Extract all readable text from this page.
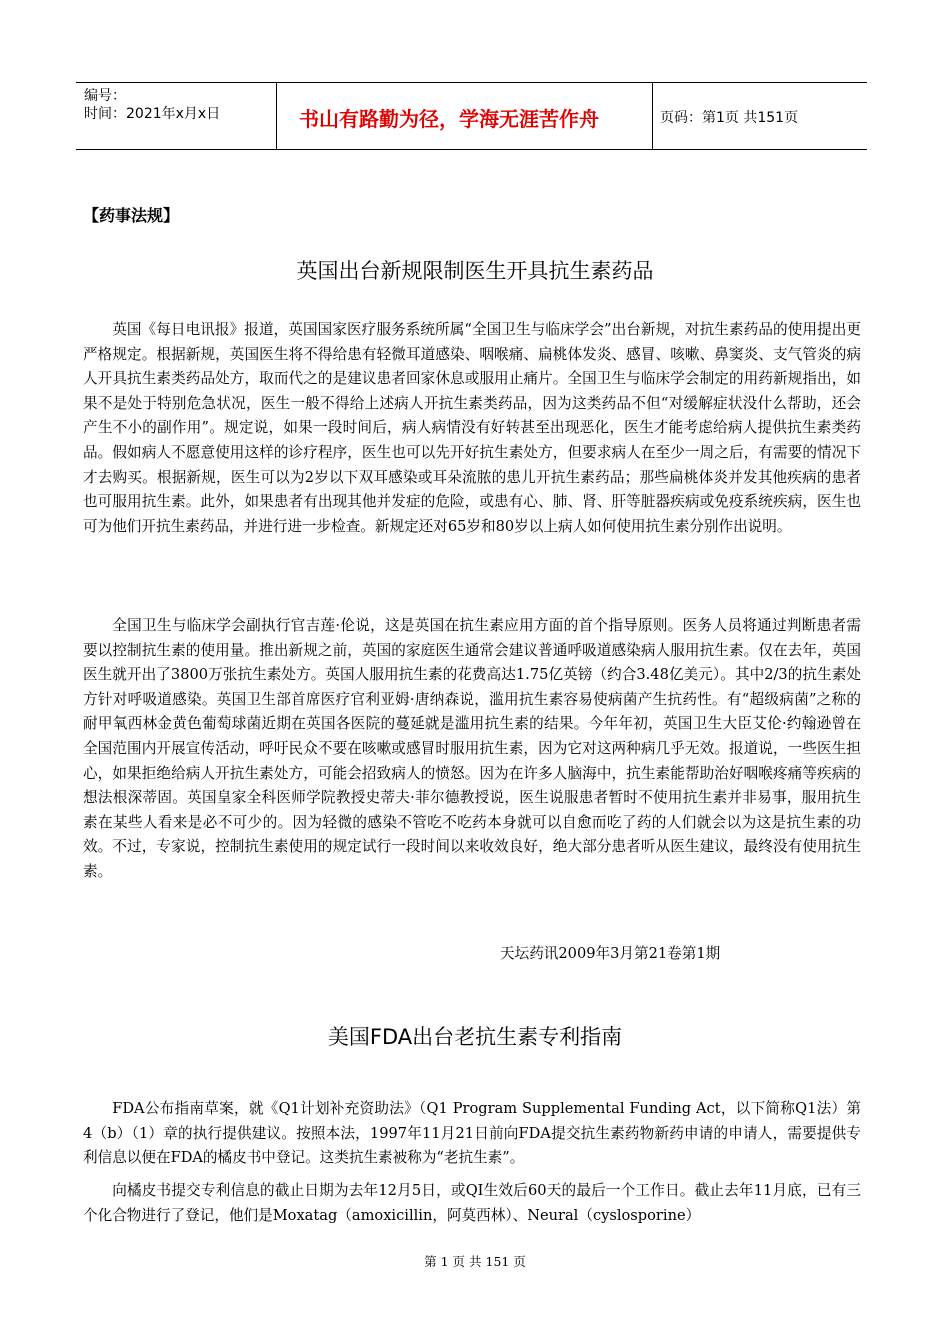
编号：
时间：2021年x月x日	书山有路勤为径，学海无涯苦作舟	页码：第1页 共151页
【药事法规】
英国出台新规限制医生开具抗生素药品

英国《每日电讯报》报道，英国国家医疗服务系统所属“全国卫生与临床学会”出台新规，对抗生素药品的使用提出更严格规定。根据新规，英国医生将不得给患有轻微耳道感染、咽喉痛、扁桃体发炎、感冒、咳嗽、鼻窦炎、支气管炎的病人开具抗生素类药品处方，取而代之的是建议患者回家休息或服用止痛片。全国卫生与临床学会制定的用药新规指出，如果不是处于特别危急状况，医生一般不得给上述病人开抗生素类药品，因为这类药品不但“对缓解症状没什么帮助，还会产生不小的副作用”。规定说，如果一段时间后，病人病情没有好转甚至出现恶化，医生才能考虑给病人提供抗生素类药品。假如病人不愿意使用这样的诊疗程序，医生也可以先开好抗生素处方，但要求病人在至少一周之后，有需要的情况下才去购买。根据新规，医生可以为2岁以下双耳感染或耳朵流脓的患儿开抗生素药品；那些扁桃体炎并发其他疾病的患者也可服用抗生素。此外，如果患者有出现其他并发症的危险，或患有心、肺、肾、肝等脏器疾病或免疫系统疾病，医生也可为他们开抗生素药品，并进行进一步检查。新规定还对65岁和80岁以上病人如何使用抗生素分别作出说明。

全国卫生与临床学会副执行官吉莲·伦说，这是英国在抗生素应用方面的首个指导原则。医务人员将通过判断患者需要以控制抗生素的使用量。推出新规之前，英国的家庭医生通常会建议普通呼吸道感染病人服用抗生素。仅在去年，英国医生就开出了3800万张抗生素处方。英国人服用抗生素的花费高达1.75亿英镑（约合3.48亿美元）。其中2/3的抗生素处方针对呼吸道感染。英国卫生部首席医疗官利亚姆·唐纳森说，滥用抗生素容易使病菌产生抗药性。有“超级病菌”之称的耐甲氧西林金黄色葡萄球菌近期在英国各医院的蔓延就是滥用抗生素的结果。今年年初，英国卫生大臣艾伦·约翰逊曾在全国范围内开展宣传活动，呼吁民众不要在咳嗽或感冒时服用抗生素，因为它对这两种病几乎无效。报道说，一些医生担心，如果拒绝给病人开抗生素处方，可能会招致病人的愤怒。因为在许多人脑海中，抗生素能帮助治好咽喉疼痛等疾病的想法根深蒂固。英国皇家全科医师学院教授史蒂夫·菲尔德教授说，医生说服患者暂时不使用抗生素并非易事，服用抗生素在某些人看来是必不可少的。因为轻微的感染不管吃不吃药本身就可以自愈而吃了药的人们就会以为这是抗生素的功效。不过，专家说，控制抗生素使用的规定试行一段时间以来收效良好，绝大部分患者听从医生建议，最终没有使用抗生素。

天坛药讯2009年3月第21卷第1期
美国FDA出台老抗生素专利指南

FDA公布指南草案，就《Q1计划补充资助法》（Q1 Program Supplemental Funding Act，以下简称Q1法）第4（b）（1）章的执行提供建议。按照本法，1997年11月21日前向FDA提交抗生素药物新药申请的申请人，需要提供专利信息以便在FDA的橘皮书中登记。这类抗生素被称为“老抗生素”。

向橘皮书提交专利信息的截止日期为去年12月5日，或QI生效后60天的最后一个工作日。截止去年11月底，已有三个化合物进行了登记，他们是Moxatag（amoxicillin，阿莫西林）、Neural（cyslosporine）

第 1 页 共 151 页
